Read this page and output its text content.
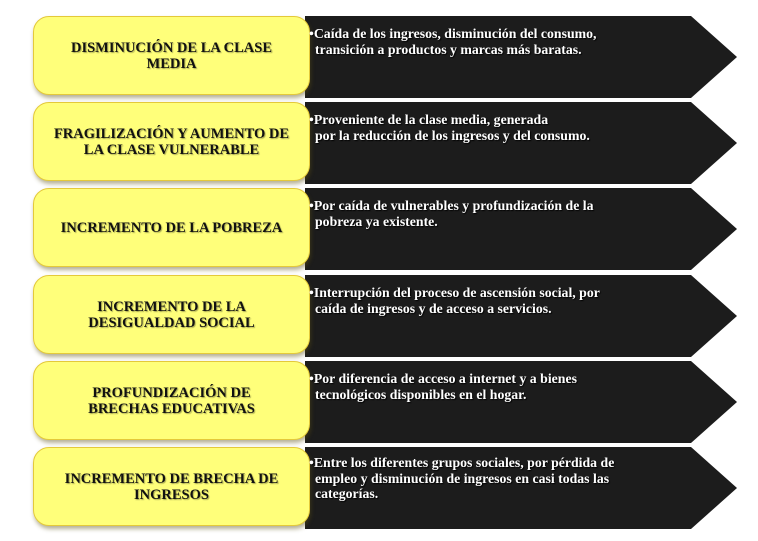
DISMINUCIÓN DE LA CLASE MEDIA
•Caída de los ingresos, disminución del consumo,
transición a productos y marcas más baratas.
FRAGILIZACIÓN Y AUMENTO DE LA CLASE VULNERABLE
•Proveniente de la clase media, generada
por la reducción de los ingresos y del consumo.
INCREMENTO DE LA POBREZA
•Por caída de vulnerables y profundización de la
pobreza ya existente.
INCREMENTO DE LA DESIGUALDAD SOCIAL
•Interrupción del proceso de ascensión social, por
caída de ingresos y de acceso a servicios.
PROFUNDIZACIÓN DE BRECHAS EDUCATIVAS
•Por diferencia de acceso a internet y a bienes
tecnológicos disponibles en el hogar.
INCREMENTO DE BRECHA DE INGRESOS
•Entre los diferentes grupos sociales, por pérdida de
empleo y disminución de ingresos en casi todas las
categorías.
